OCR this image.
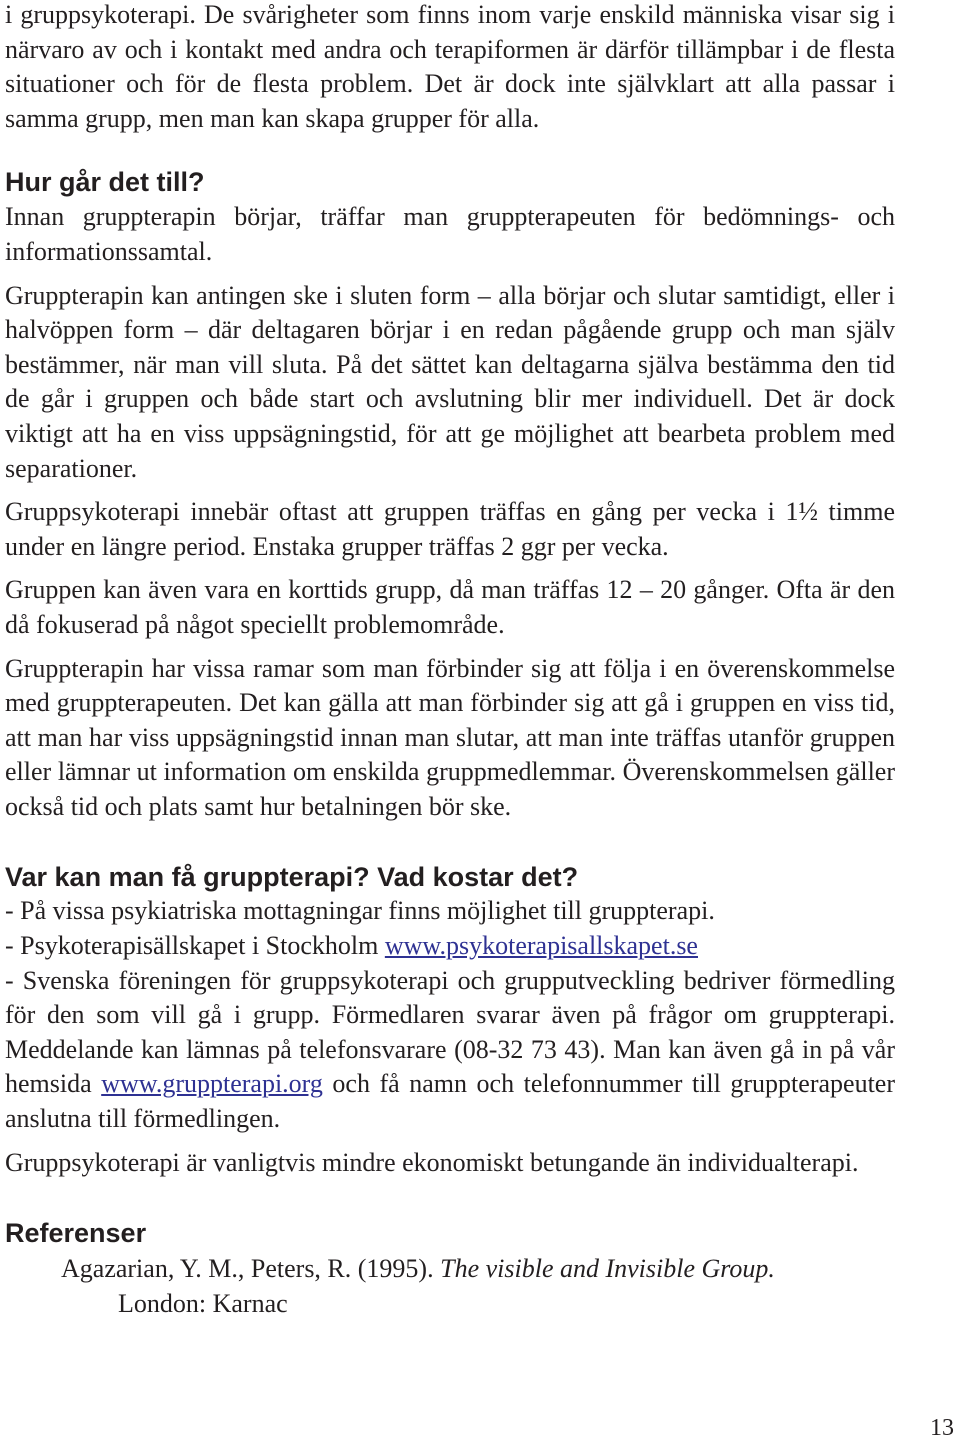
i gruppsykoterapi. De svårigheter som finns inom varje enskild människa visar sig i närvaro av och i kontakt med andra och terapiformen är därför tillämpbar i de flesta situationer och för de flesta problem. Det är dock inte självklart att alla passar i samma grupp, men man kan skapa grupper för alla.

Hur går det till?

Innan gruppterapin börjar, träffar man gruppterapeuten för bedömnings- och informationssamtal.

Gruppterapin kan antingen ske i sluten form – alla börjar och slutar samtidigt, eller i halvöppen form – där deltagaren börjar i en redan pågående grupp och man själv bestämmer, när man vill sluta. På det sättet kan deltagarna själva bestämma den tid de går i gruppen och både start och avslutning blir mer individuell. Det är dock viktigt att ha en viss uppsägningstid, för att ge möjlighet att bearbeta problem med separationer.

Gruppsykoterapi innebär oftast att gruppen träffas en gång per vecka i 1½ timme under en längre period. Enstaka grupper träffas 2 ggr per vecka.

Gruppen kan även vara en korttids grupp, då man träffas 12 – 20 gånger. Ofta är den då fokuserad på något speciellt problemområde.

Gruppterapin har vissa ramar som man förbinder sig att följa i en överenskommelse med gruppterapeuten. Det kan gälla att man förbinder sig att gå i gruppen en viss tid, att man har viss uppsägningstid innan man slutar, att man inte träffas utanför gruppen eller lämnar ut information om enskilda gruppmedlemmar. Överenskommelsen gäller också tid och plats samt hur betalningen bör ske.

Var kan man få gruppterapi? Vad kostar det?

- På vissa psykiatriska mottagningar finns möjlighet till gruppterapi.

- Psykoterapisällskapet i Stockholm www.psykoterapisallskapet.se

- Svenska föreningen för gruppsykoterapi och grupputveckling bedriver förmedling för den som vill gå i grupp. Förmedlaren svarar även på frågor om gruppterapi. Meddelande kan lämnas på telefonsvarare (08-32 73 43). Man kan även gå in på vår hemsida www.gruppterapi.org och få namn och telefonnummer till gruppterapeuter anslutna till förmedlingen.

Gruppsykoterapi är vanligtvis mindre ekonomiskt betungande än individualterapi.

Referenser

Agazarian, Y. M., Peters, R. (1995). The visible and Invisible Group.

London: Karnac

13
